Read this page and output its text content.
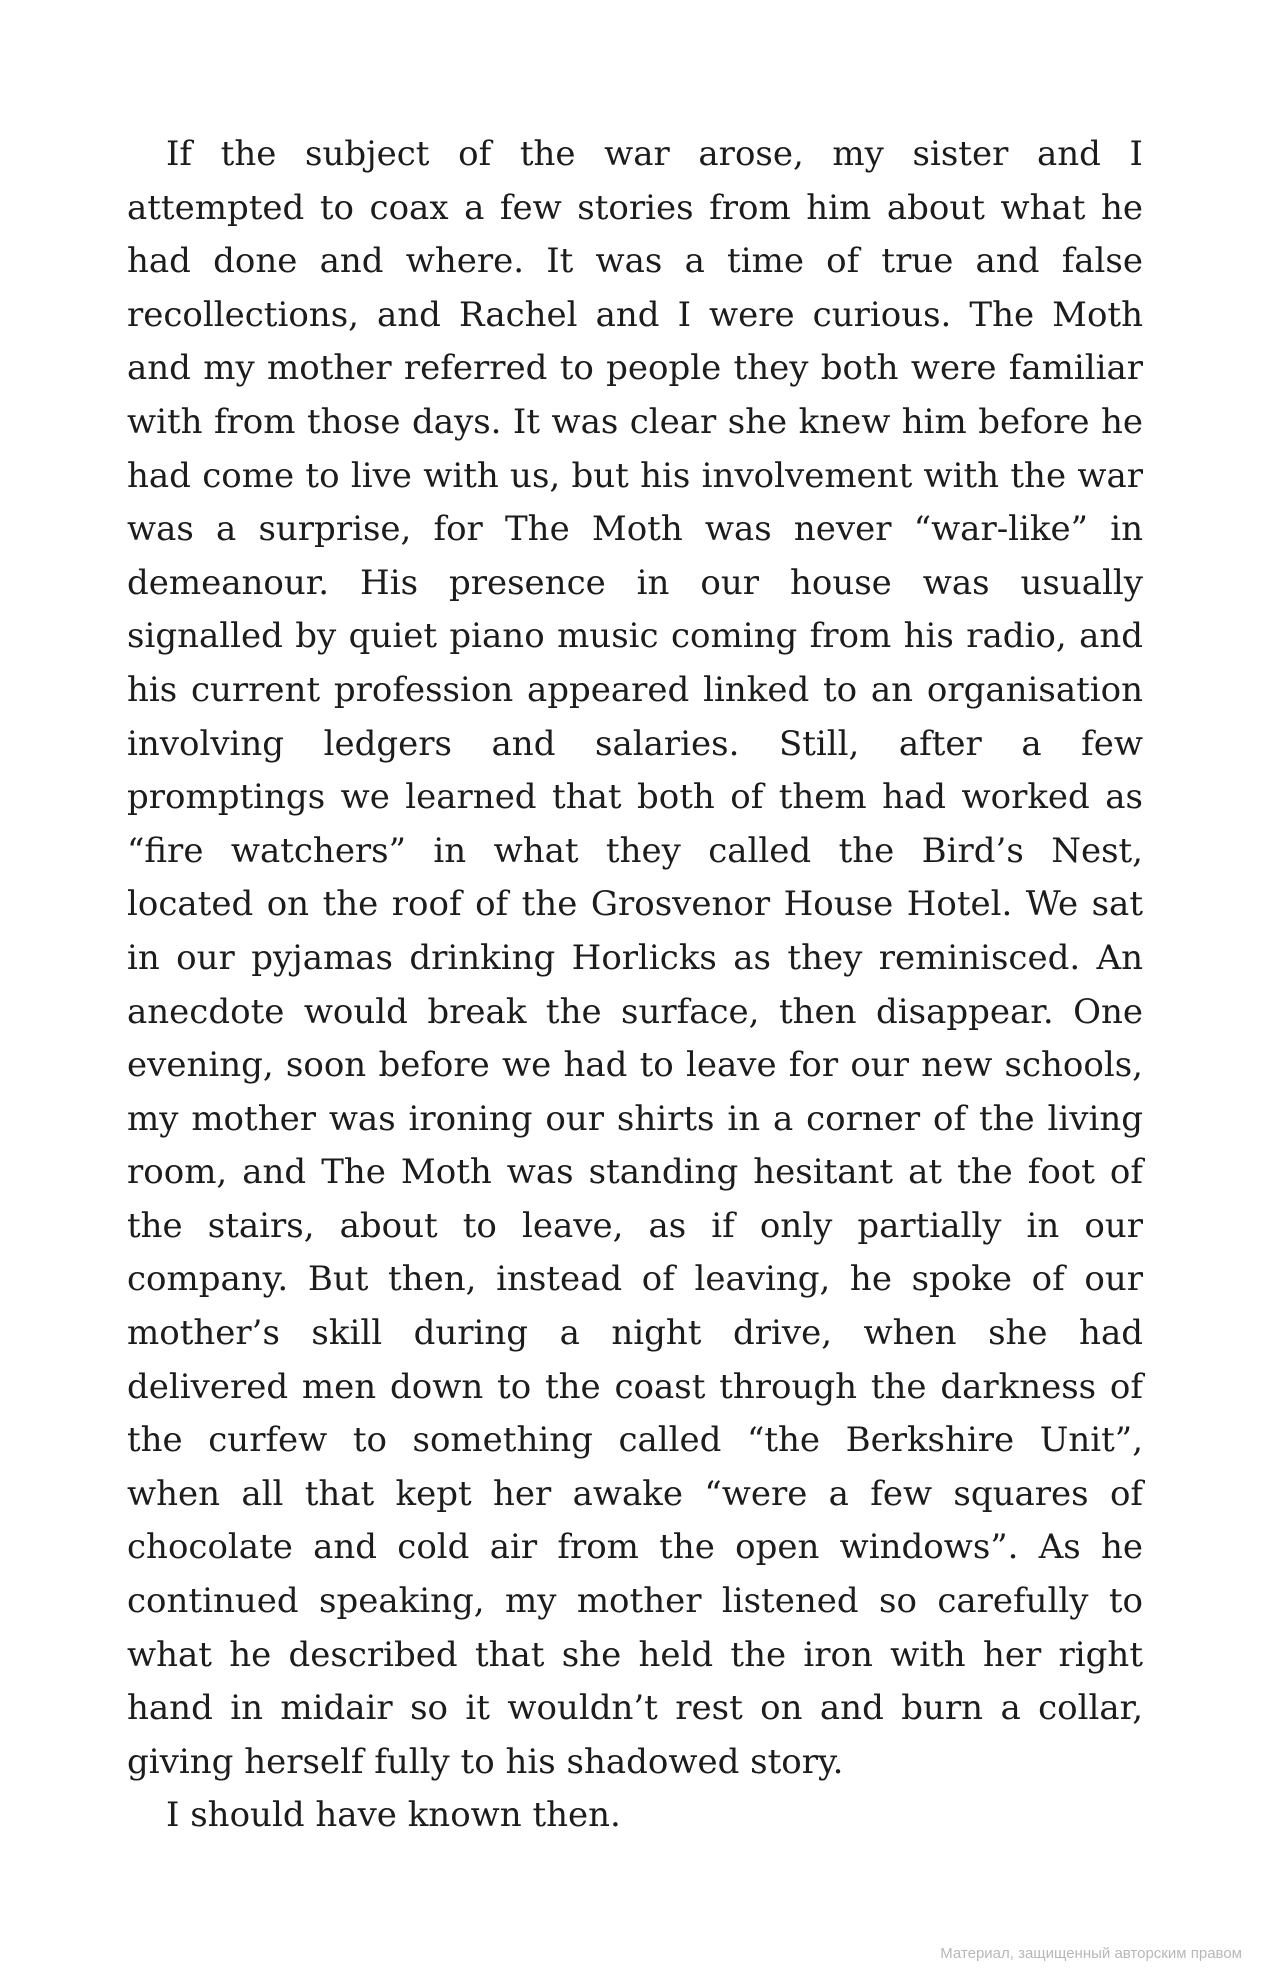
If the subject of the war arose, my sister and I attempted to coax a few stories from him about what he had done and where. It was a time of true and false recollections, and Rachel and I were curious. The Moth and my mother referred to people they both were familiar with from those days. It was clear she knew him before he had come to live with us, but his involvement with the war was a surprise, for The Moth was never “war-like” in demeanour. His presence in our house was usually signalled by quiet piano music coming from his radio, and his current profession appeared linked to an organisation involving ledgers and salaries. Still, after a few promptings we learned that both of them had worked as “fire watchers” in what they called the Bird’s Nest, located on the roof of the Grosvenor House Hotel. We sat in our pyjamas drinking Horlicks as they reminisced. An anecdote would break the surface, then disappear. One evening, soon before we had to leave for our new schools, my mother was ironing our shirts in a corner of the living room, and The Moth was standing hesitant at the foot of the stairs, about to leave, as if only partially in our company. But then, instead of leaving, he spoke of our mother’s skill during a night drive, when she had delivered men down to the coast through the darkness of the curfew to something called “the Berkshire Unit”, when all that kept her awake “were a few squares of chocolate and cold air from the open windows”. As he continued speaking, my mother listened so carefully to what he described that she held the iron with her right hand in midair so it wouldn’t rest on and burn a collar, giving herself fully to his shadowed story.

I should have known then.

Материал, защищенный авторским правом
